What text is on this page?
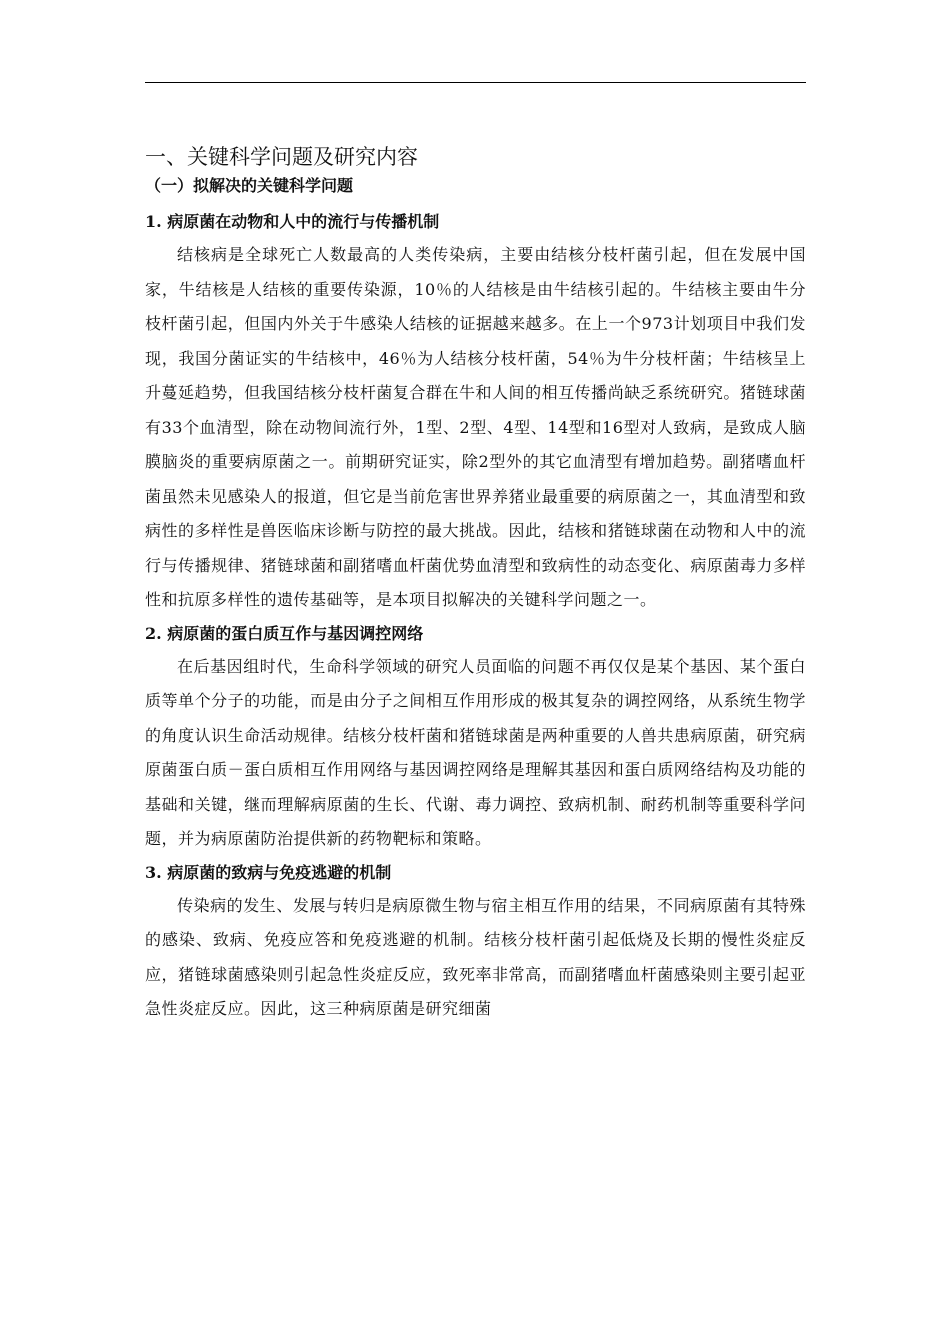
一、关键科学问题及研究内容
（一）拟解决的关键科学问题
1. 病原菌在动物和人中的流行与传播机制

结核病是全球死亡人数最高的人类传染病，主要由结核分枝杆菌引起，但在发展中国家，牛结核是人结核的重要传染源，10％的人结核是由牛结核引起的。牛结核主要由牛分枝杆菌引起，但国内外关于牛感染人结核的证据越来越多。在上一个973计划项目中我们发现，我国分菌证实的牛结核中，46％为人结核分枝杆菌，54％为牛分枝杆菌；牛结核呈上升蔓延趋势，但我国结核分枝杆菌复合群在牛和人间的相互传播尚缺乏系统研究。猪链球菌有33个血清型，除在动物间流行外，1型、2型、4型、14型和16型对人致病，是致成人脑膜脑炎的重要病原菌之一。前期研究证实，除2型外的其它血清型有增加趋势。副猪嗜血杆菌虽然未见感染人的报道，但它是当前危害世界养猪业最重要的病原菌之一，其血清型和致病性的多样性是兽医临床诊断与防控的最大挑战。因此，结核和猪链球菌在动物和人中的流行与传播规律、猪链球菌和副猪嗜血杆菌优势血清型和致病性的动态变化、病原菌毒力多样性和抗原多样性的遗传基础等，是本项目拟解决的关键科学问题之一。

2. 病原菌的蛋白质互作与基因调控网络

在后基因组时代，生命科学领域的研究人员面临的问题不再仅仅是某个基因、某个蛋白质等单个分子的功能，而是由分子之间相互作用形成的极其复杂的调控网络，从系统生物学的角度认识生命活动规律。结核分枝杆菌和猪链球菌是两种重要的人兽共患病原菌，研究病原菌蛋白质－蛋白质相互作用网络与基因调控网络是理解其基因和蛋白质网络结构及功能的基础和关键，继而理解病原菌的生长、代谢、毒力调控、致病机制、耐药机制等重要科学问题，并为病原菌防治提供新的药物靶标和策略。

3. 病原菌的致病与免疫逃避的机制

传染病的发生、发展与转归是病原微生物与宿主相互作用的结果，不同病原菌有其特殊的感染、致病、免疫应答和免疫逃避的机制。结核分枝杆菌引起低烧及长期的慢性炎症反应，猪链球菌感染则引起急性炎症反应，致死率非常高，而副猪嗜血杆菌感染则主要引起亚急性炎症反应。因此，这三种病原菌是研究细菌
